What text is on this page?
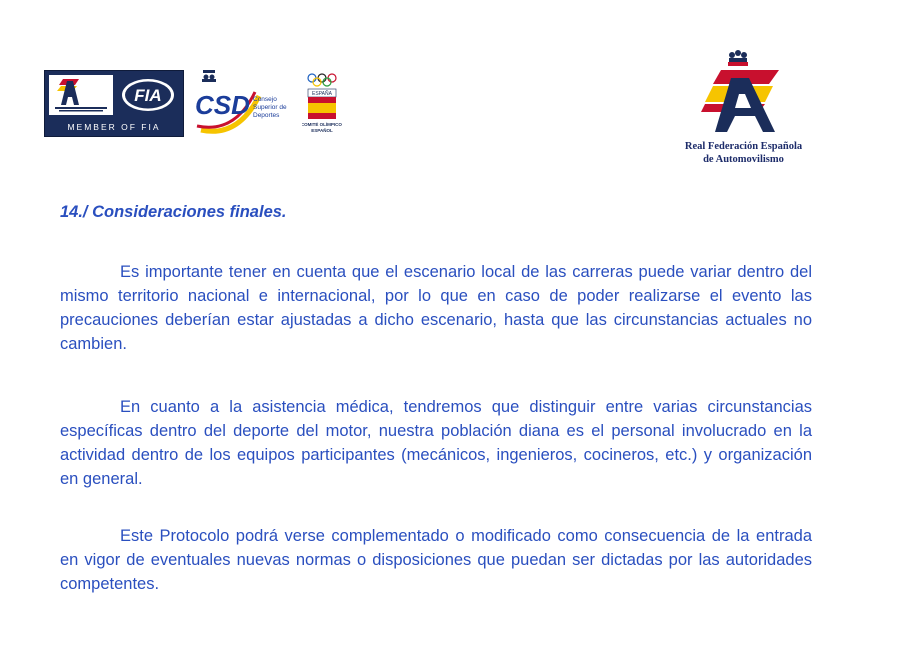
FIA
MEMBER OF FIA
CSD Consejo Superior de Deportes
ESPAÑA
COMITÉ OLÍMPICO ESPAÑOL
Real Federación Española
de Automovilismo
14./ Consideraciones finales.

Es importante tener en cuenta que el escenario local de las carreras puede variar dentro del mismo territorio nacional e internacional, por lo que en caso de poder realizarse el evento las precauciones deberían estar ajustadas a dicho escenario, hasta que las circunstancias actuales no cambien.

En cuanto a la asistencia médica, tendremos que distinguir entre varias circunstancias específicas dentro del deporte del motor, nuestra población diana es el personal involucrado en la actividad dentro de los equipos participantes (mecánicos, ingenieros, cocineros, etc.) y organización en general.

Este Protocolo podrá verse complementado o modificado como consecuencia de la entrada en vigor de eventuales nuevas normas o disposiciones que puedan ser dictadas por las autoridades competentes.
